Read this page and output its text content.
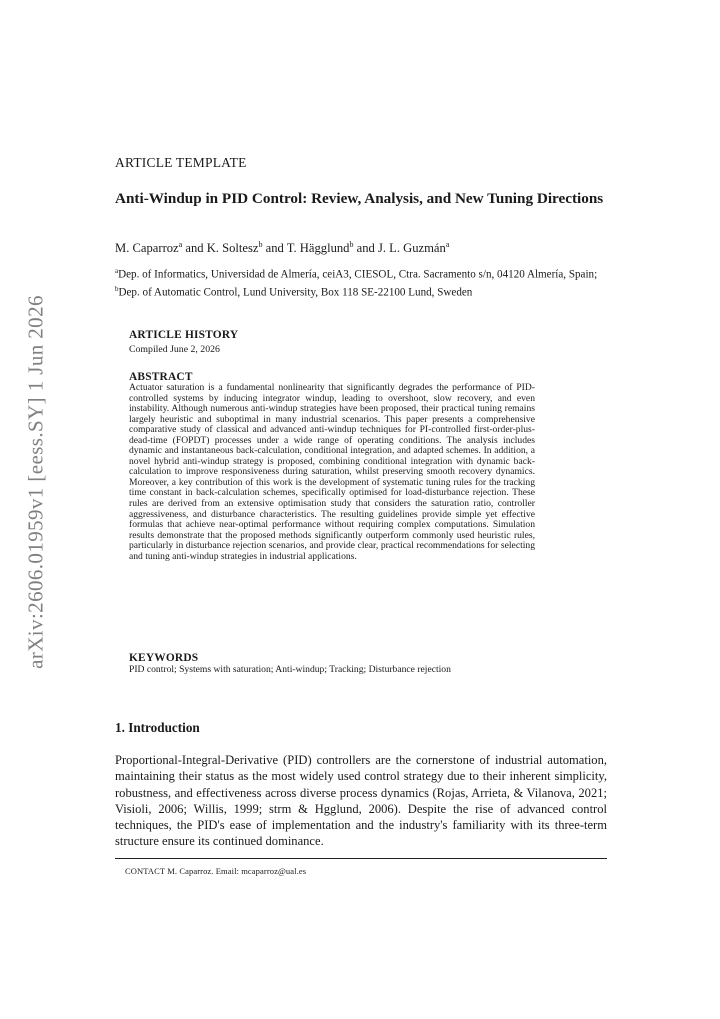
arXiv:2606.01959v1 [eess.SY] 1 Jun 2026
ARTICLE TEMPLATE
Anti-Windup in PID Control: Review, Analysis, and New Tuning Directions
M. Caparroz$^a$ and K. Soltesz$^b$ and T. Hägglund$^b$ and J. L. Guzmán$^a$
$^a$Dep. of Informatics, Universidad de Almería, ceiA3, CIESOL, Ctra. Sacramento s/n, 04120 Almería, Spain; $^b$Dep. of Automatic Control, Lund University, Box 118 SE-22100 Lund, Sweden
ARTICLE HISTORY
Compiled June 2, 2026
ABSTRACT
Actuator saturation is a fundamental nonlinearity that significantly degrades the performance of PID-controlled systems by inducing integrator windup, leading to overshoot, slow recovery, and even instability. Although numerous anti-windup strategies have been proposed, their practical tuning remains largely heuristic and suboptimal in many industrial scenarios. This paper presents a comprehensive comparative study of classical and advanced anti-windup techniques for PI-controlled first-order-plus-dead-time (FOPDT) processes under a wide range of operating conditions. The analysis includes dynamic and instantaneous back-calculation, conditional integration, and adapted schemes. In addition, a novel hybrid anti-windup strategy is proposed, combining conditional integration with dynamic back-calculation to improve responsiveness during saturation, whilst preserving smooth recovery dynamics. Moreover, a key contribution of this work is the development of systematic tuning rules for the tracking time constant in back-calculation schemes, specifically optimised for load-disturbance rejection. These rules are derived from an extensive optimisation study that considers the saturation ratio, controller aggressiveness, and disturbance characteristics. The resulting guidelines provide simple yet effective formulas that achieve near-optimal performance without requiring complex computations. Simulation results demonstrate that the proposed methods significantly outperform commonly used heuristic rules, particularly in disturbance rejection scenarios, and provide clear, practical recommendations for selecting and tuning anti-windup strategies in industrial applications.
KEYWORDS
PID control; Systems with saturation; Anti-windup; Tracking; Disturbance rejection
1. Introduction
Proportional-Integral-Derivative (PID) controllers are the cornerstone of industrial automation, maintaining their status as the most widely used control strategy due to their inherent simplicity, robustness, and effectiveness across diverse process dynamics (Rojas, Arrieta, & Vilanova, 2021; Visioli, 2006; Willis, 1999; strm & Hgglund, 2006). Despite the rise of advanced control techniques, the PID's ease of implementation and the industry's familiarity with its three-term structure ensure its continued dominance.
CONTACT M. Caparroz. Email: mcaparroz@ual.es
